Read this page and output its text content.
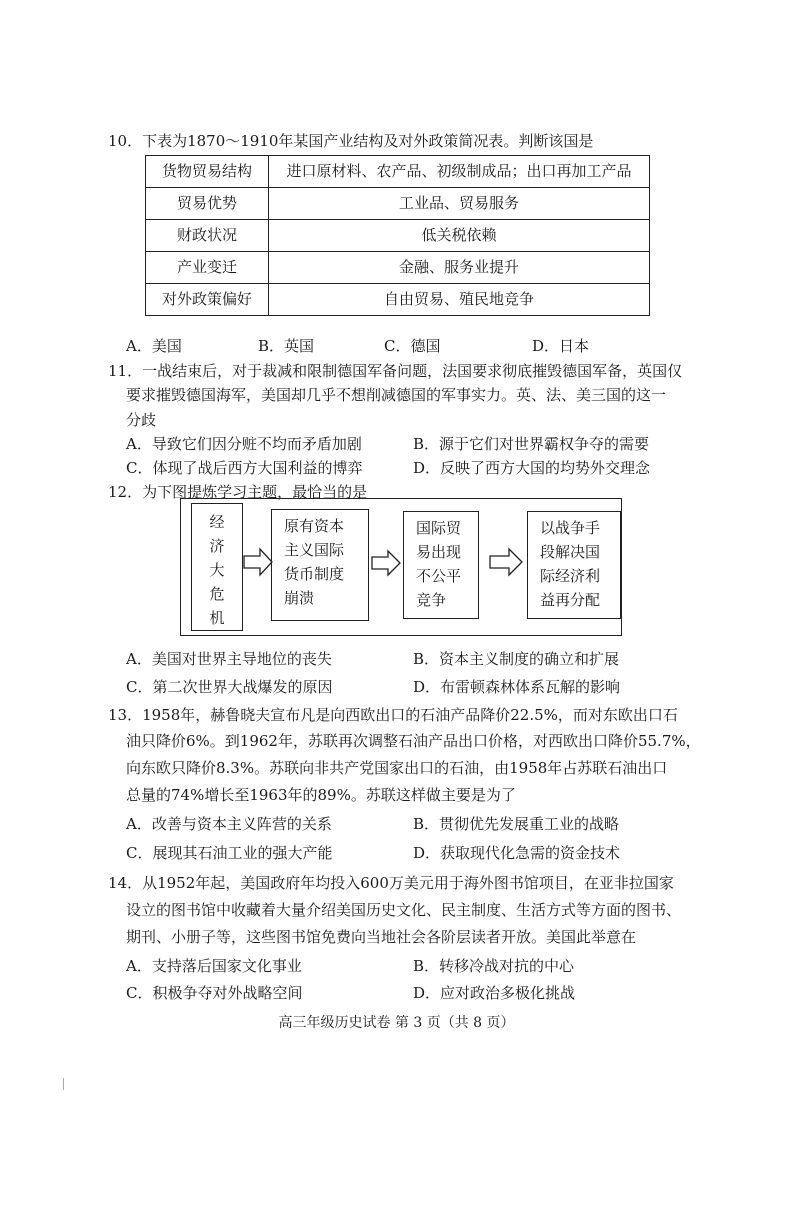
10．下表为1870～1910年某国产业结构及对外政策简况表。判断该国是
货物贸易结构	进口原材料、农产品、初级制成品；出口再加工产品
贸易优势	工业品、贸易服务
财政状况	低关税依赖
产业变迁	金融、服务业提升
对外政策偏好	自由贸易、殖民地竞争
A．美国	B．英国	C．德国	D．日本
11．一战结束后，对于裁减和限制德国军备问题，法国要求彻底摧毁德国军备，英国仅
要求摧毁德国海军，美国却几乎不想削减德国的军事实力。英、法、美三国的这一
分歧
A．导致它们因分赃不均而矛盾加剧	B．源于它们对世界霸权争夺的需要
C．体现了战后西方大国利益的博弈	D．反映了西方大国的均势外交理念
12．为下图提炼学习主题，最恰当的是
经
济
大
危
机
原有资本
主义国际
货币制度
崩溃
国际贸
易出现
不公平
竞争
以战争手
段解决国
际经济利
益再分配
A．美国对世界主导地位的丧失	B．资本主义制度的确立和扩展
C．第二次世界大战爆发的原因	D．布雷顿森林体系瓦解的影响
13．1958年，赫鲁晓夫宣布凡是向西欧出口的石油产品降价22.5%，而对东欧出口石
油只降价6%。到1962年，苏联再次调整石油产品出口价格，对西欧出口降价55.7%，
向东欧只降价8.3%。苏联向非共产党国家出口的石油，由1958年占苏联石油出口
总量的74%增长至1963年的89%。苏联这样做主要是为了
A．改善与资本主义阵营的关系	B．贯彻优先发展重工业的战略
C．展现其石油工业的强大产能	D．获取现代化急需的资金技术
14．从1952年起，美国政府年均投入600万美元用于海外图书馆项目，在亚非拉国家
设立的图书馆中收藏着大量介绍美国历史文化、民主制度、生活方式等方面的图书、
期刊、小册子等，这些图书馆免费向当地社会各阶层读者开放。美国此举意在
A．支持落后国家文化事业	B．转移冷战对抗的中心
C．积极争夺对外战略空间	D．应对政治多极化挑战
高三年级历史试卷 第 3 页（共 8 页）
